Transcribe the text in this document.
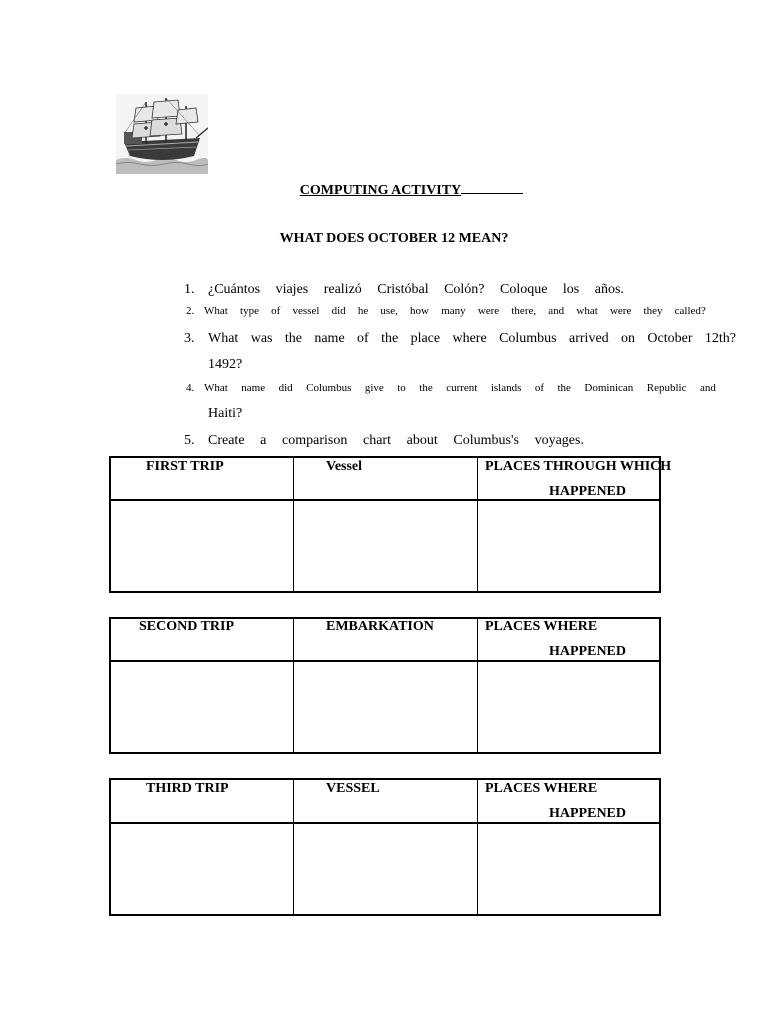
COMPUTING ACTIVITY
WHAT DOES OCTOBER 12 MEAN?
1. ¿Cuántos viajes realizó Cristóbal Colón? Coloque los años.
2. What type of vessel did he use, how many were there, and what were they called?
3. What was the name of the place where Columbus arrived on October 12th?
1492?
4. What name did Columbus give to the current islands of the Dominican Republic and
Haiti?
5. Create a comparison chart about Columbus's voyages.
FIRST TRIP	Vessel	PLACES THROUGH WHICH
HAPPENED
SECOND TRIP	EMBARKATION	PLACES WHERE
HAPPENED
THIRD TRIP	VESSEL	PLACES WHERE
HAPPENED
